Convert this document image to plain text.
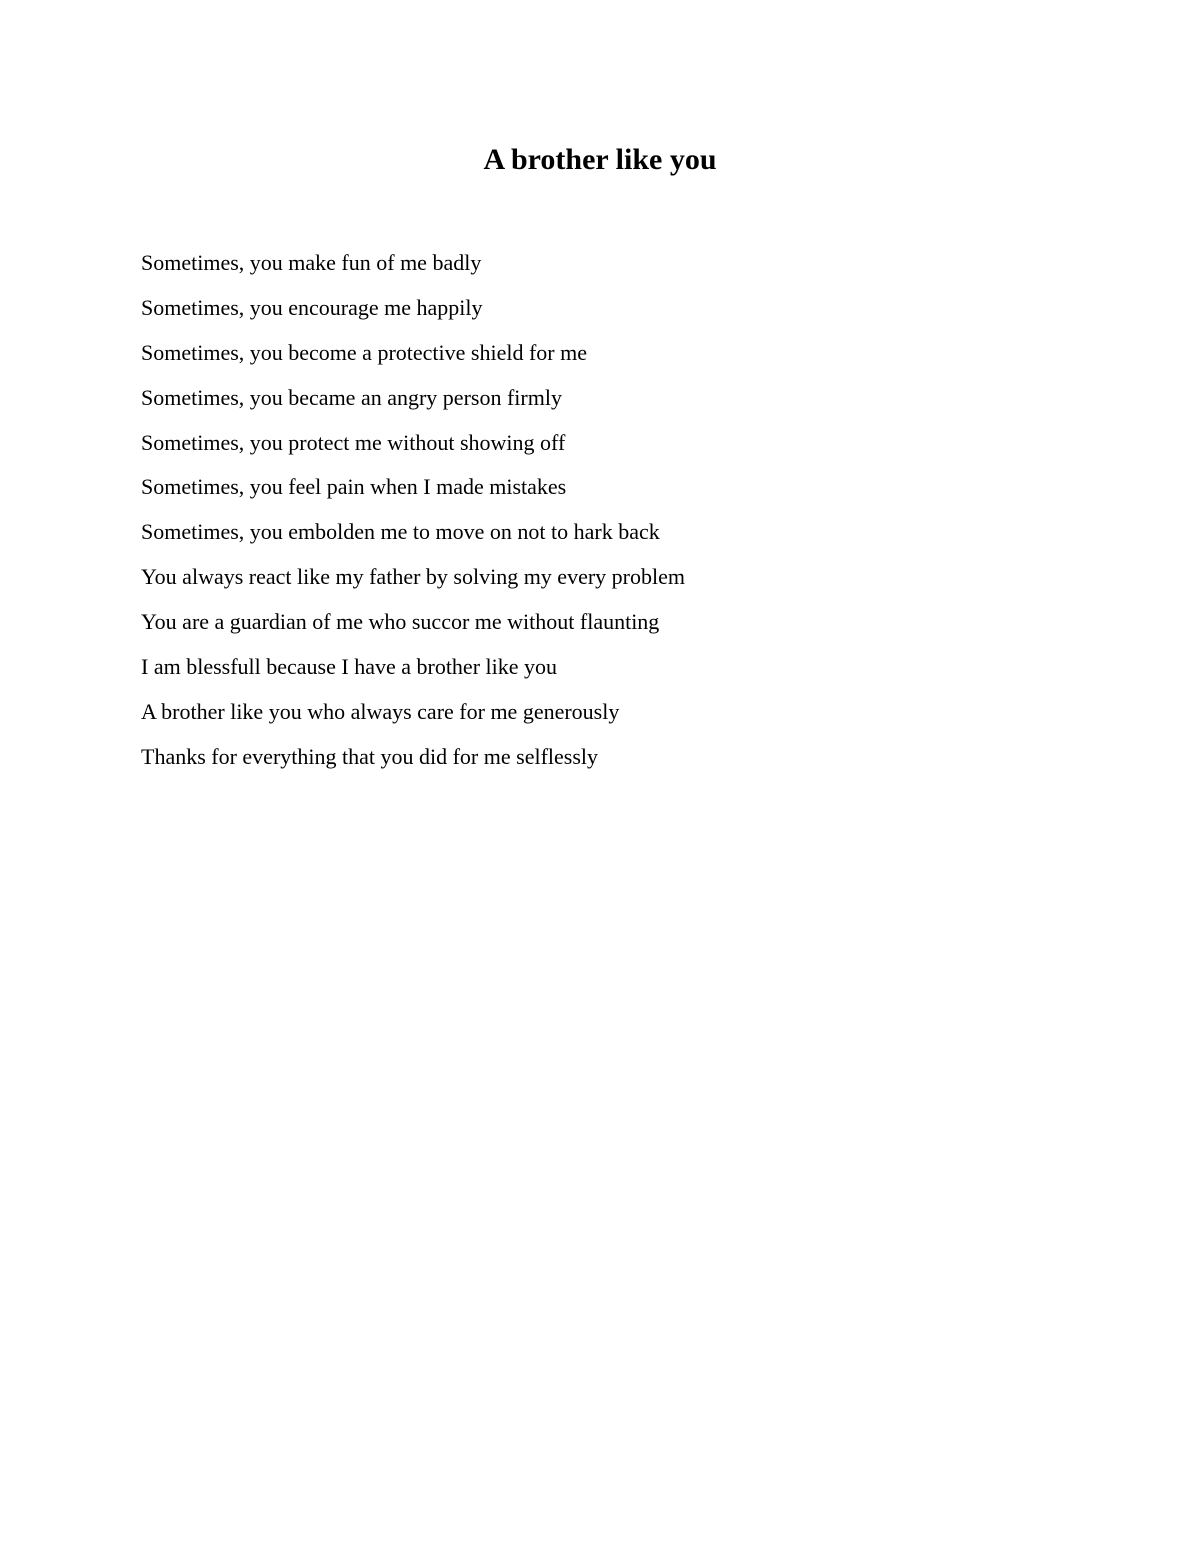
A brother like you
Sometimes, you make fun of me badly
Sometimes, you encourage me happily
Sometimes, you become a protective shield for me
Sometimes, you became an angry person firmly
Sometimes, you protect me without showing off
Sometimes, you feel pain when I made mistakes
Sometimes, you embolden me to move on not to hark back
You always react like my father by solving my every problem
You are a guardian of me who succor me without flaunting
I am blessfull because I have a brother like you
A brother like you who always care for me generously
Thanks for everything that you did for me selflessly
